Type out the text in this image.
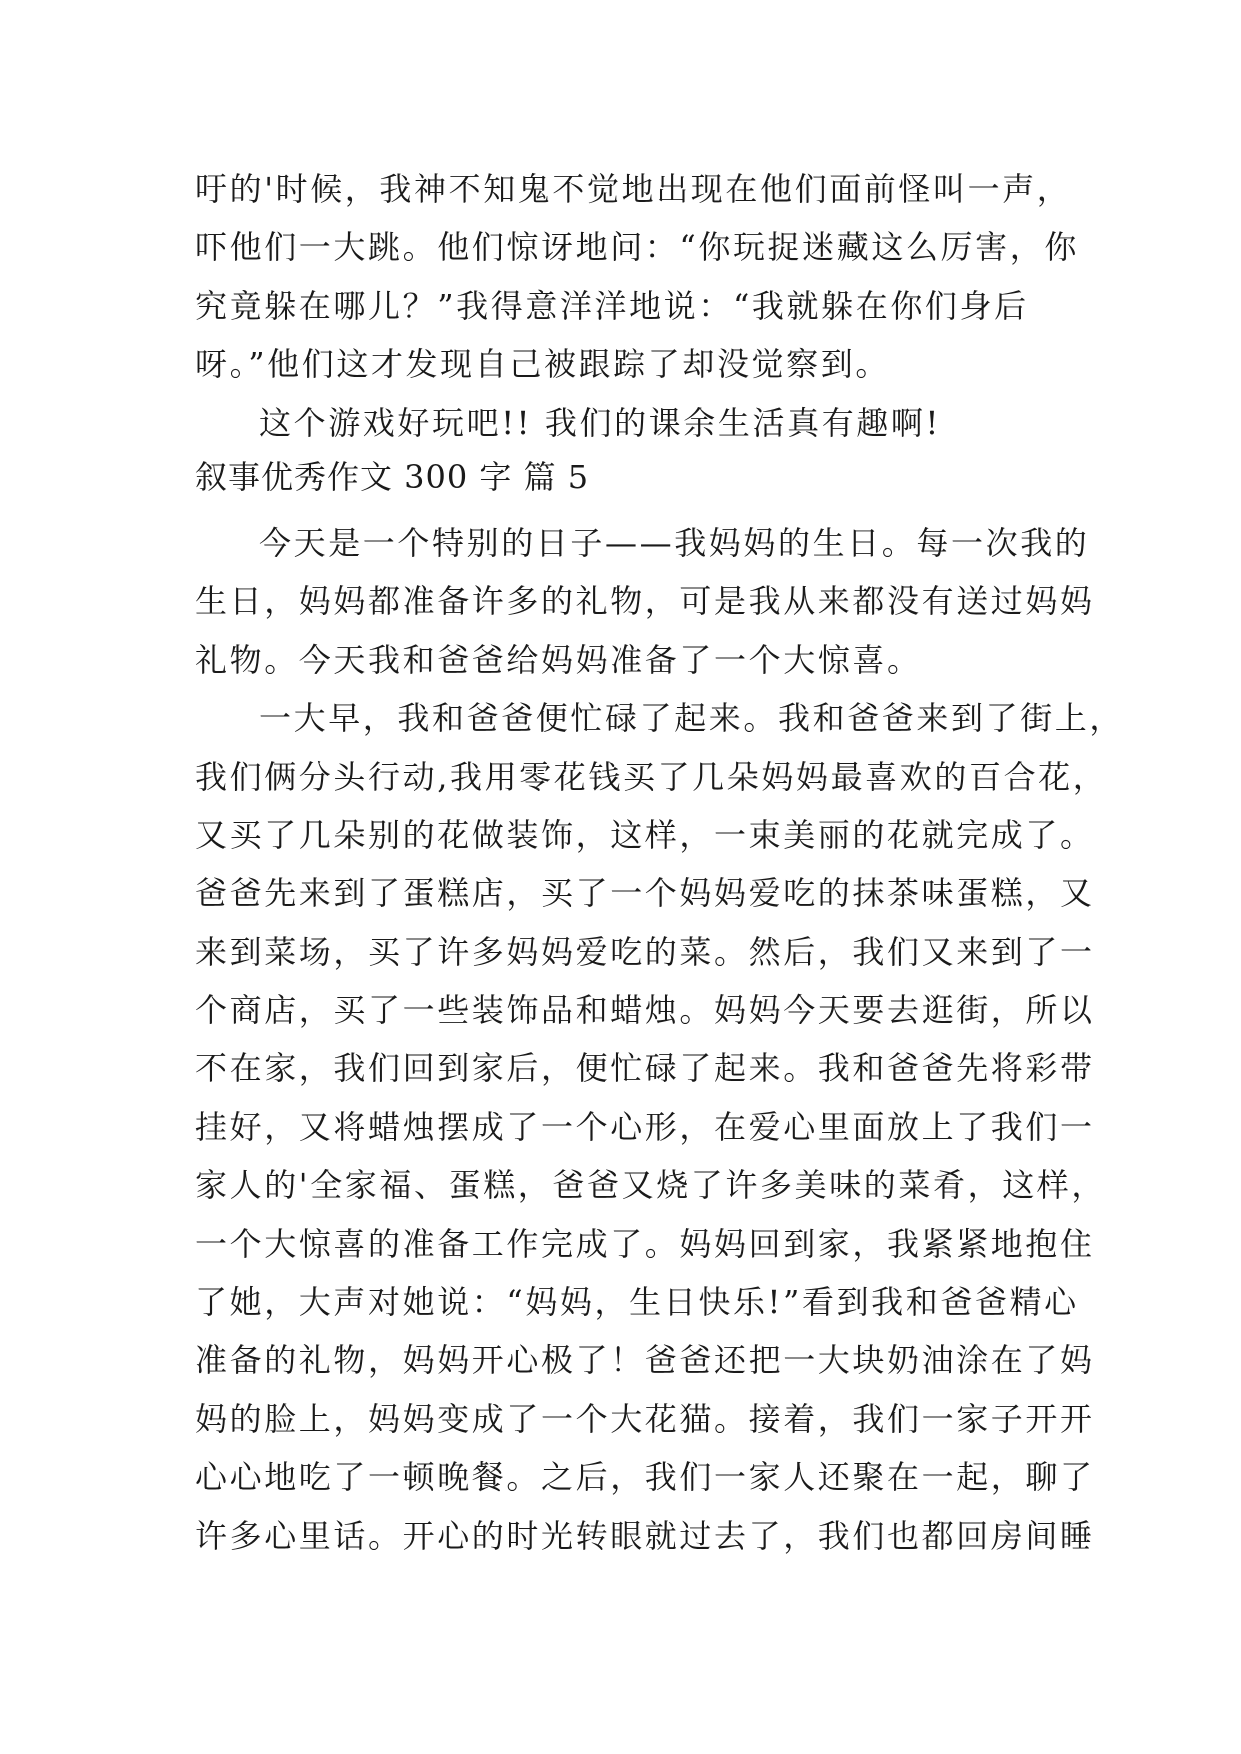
吁的'时候，我神不知鬼不觉地出现在他们面前怪叫一声，
吓他们一大跳。他们惊讶地问：“你玩捉迷藏这么厉害，你
究竟躲在哪儿？”我得意洋洋地说：“我就躲在你们身后
呀。”他们这才发现自己被跟踪了却没觉察到。
这个游戏好玩吧!! 我们的课余生活真有趣啊!
叙事优秀作文 300 字 篇 5
今天是一个特别的日子——我妈妈的生日。每一次我的
生日，妈妈都准备许多的礼物，可是我从来都没有送过妈妈
礼物。今天我和爸爸给妈妈准备了一个大惊喜。
一大早，我和爸爸便忙碌了起来。我和爸爸来到了街上，
我们俩分头行动,我用零花钱买了几朵妈妈最喜欢的百合花，
又买了几朵别的花做装饰，这样，一束美丽的花就完成了。
爸爸先来到了蛋糕店，买了一个妈妈爱吃的抹茶味蛋糕，又
来到菜场，买了许多妈妈爱吃的菜。然后，我们又来到了一
个商店，买了一些装饰品和蜡烛。妈妈今天要去逛街，所以
不在家，我们回到家后，便忙碌了起来。我和爸爸先将彩带
挂好，又将蜡烛摆成了一个心形，在爱心里面放上了我们一
家人的'全家福、蛋糕，爸爸又烧了许多美味的菜肴，这样，
一个大惊喜的准备工作完成了。妈妈回到家，我紧紧地抱住
了她，大声对她说：“妈妈，生日快乐!”看到我和爸爸精心
准备的礼物，妈妈开心极了！爸爸还把一大块奶油涂在了妈
妈的脸上，妈妈变成了一个大花猫。接着，我们一家子开开
心心地吃了一顿晚餐。之后，我们一家人还聚在一起，聊了
许多心里话。开心的时光转眼就过去了，我们也都回房间睡
